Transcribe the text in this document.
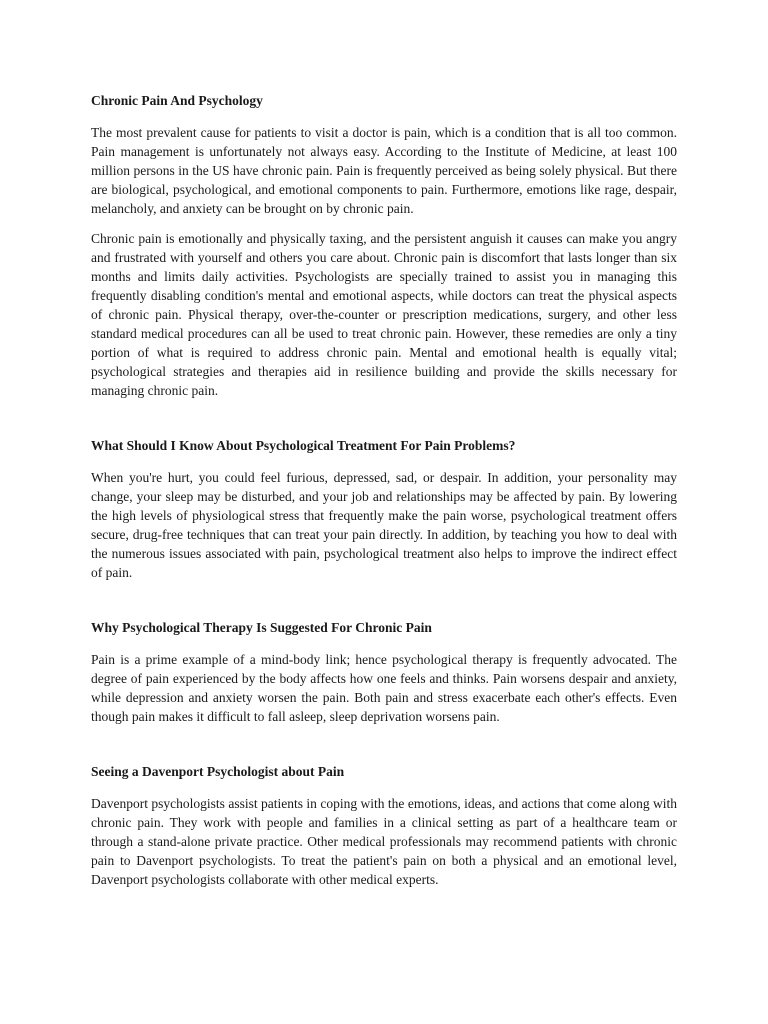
Chronic Pain And Psychology

The most prevalent cause for patients to visit a doctor is pain, which is a condition that is all too common. Pain management is unfortunately not always easy. According to the Institute of Medicine, at least 100 million persons in the US have chronic pain. Pain is frequently perceived as being solely physical. But there are biological, psychological, and emotional components to pain. Furthermore, emotions like rage, despair, melancholy, and anxiety can be brought on by chronic pain.

Chronic pain is emotionally and physically taxing, and the persistent anguish it causes can make you angry and frustrated with yourself and others you care about. Chronic pain is discomfort that lasts longer than six months and limits daily activities. Psychologists are specially trained to assist you in managing this frequently disabling condition's mental and emotional aspects, while doctors can treat the physical aspects of chronic pain. Physical therapy, over-the-counter or prescription medications, surgery, and other less standard medical procedures can all be used to treat chronic pain. However, these remedies are only a tiny portion of what is required to address chronic pain. Mental and emotional health is equally vital; psychological strategies and therapies aid in resilience building and provide the skills necessary for managing chronic pain.

What Should I Know About Psychological Treatment For Pain Problems?

When you're hurt, you could feel furious, depressed, sad, or despair. In addition, your personality may change, your sleep may be disturbed, and your job and relationships may be affected by pain. By lowering the high levels of physiological stress that frequently make the pain worse, psychological treatment offers secure, drug-free techniques that can treat your pain directly. In addition, by teaching you how to deal with the numerous issues associated with pain, psychological treatment also helps to improve the indirect effect of pain.

Why Psychological Therapy Is Suggested For Chronic Pain

Pain is a prime example of a mind-body link; hence psychological therapy is frequently advocated. The degree of pain experienced by the body affects how one feels and thinks. Pain worsens despair and anxiety, while depression and anxiety worsen the pain. Both pain and stress exacerbate each other's effects. Even though pain makes it difficult to fall asleep, sleep deprivation worsens pain.

Seeing a Davenport Psychologist about Pain

Davenport psychologists assist patients in coping with the emotions, ideas, and actions that come along with chronic pain. They work with people and families in a clinical setting as part of a healthcare team or through a stand-alone private practice. Other medical professionals may recommend patients with chronic pain to Davenport psychologists. To treat the patient's pain on both a physical and an emotional level, Davenport psychologists collaborate with other medical experts.
